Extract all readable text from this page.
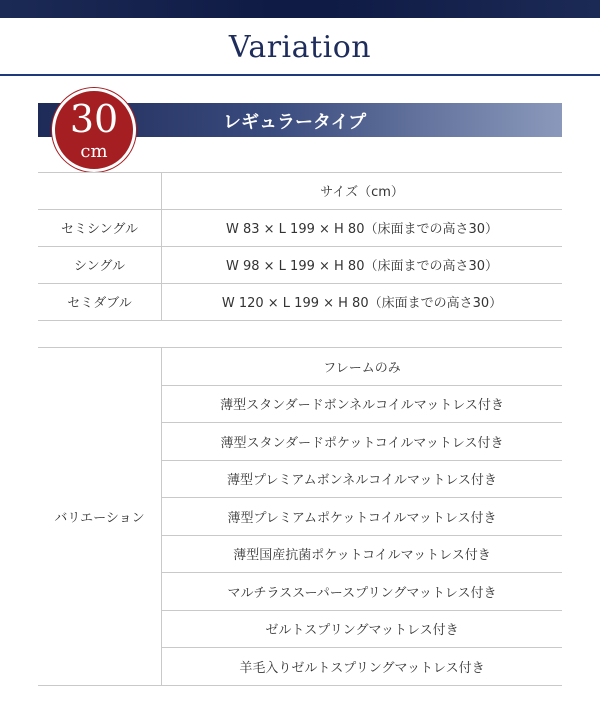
Variation
レギュラータイプ
30
cm
サイズ（cm）
セミシングル	W 83 × L 199 × H 80（床面までの高さ30）
シングル	W 98 × L 199 × H 80（床面までの高さ30）
セミダブル	W 120 × L 199 × H 80（床面までの高さ30）
バリエーション
フレームのみ
薄型スタンダードボンネルコイルマットレス付き
薄型スタンダードポケットコイルマットレス付き
薄型プレミアムボンネルコイルマットレス付き
薄型プレミアムポケットコイルマットレス付き
薄型国産抗菌ポケットコイルマットレス付き
マルチラススーパースプリングマットレス付き
ゼルトスプリングマットレス付き
羊毛入りゼルトスプリングマットレス付き
